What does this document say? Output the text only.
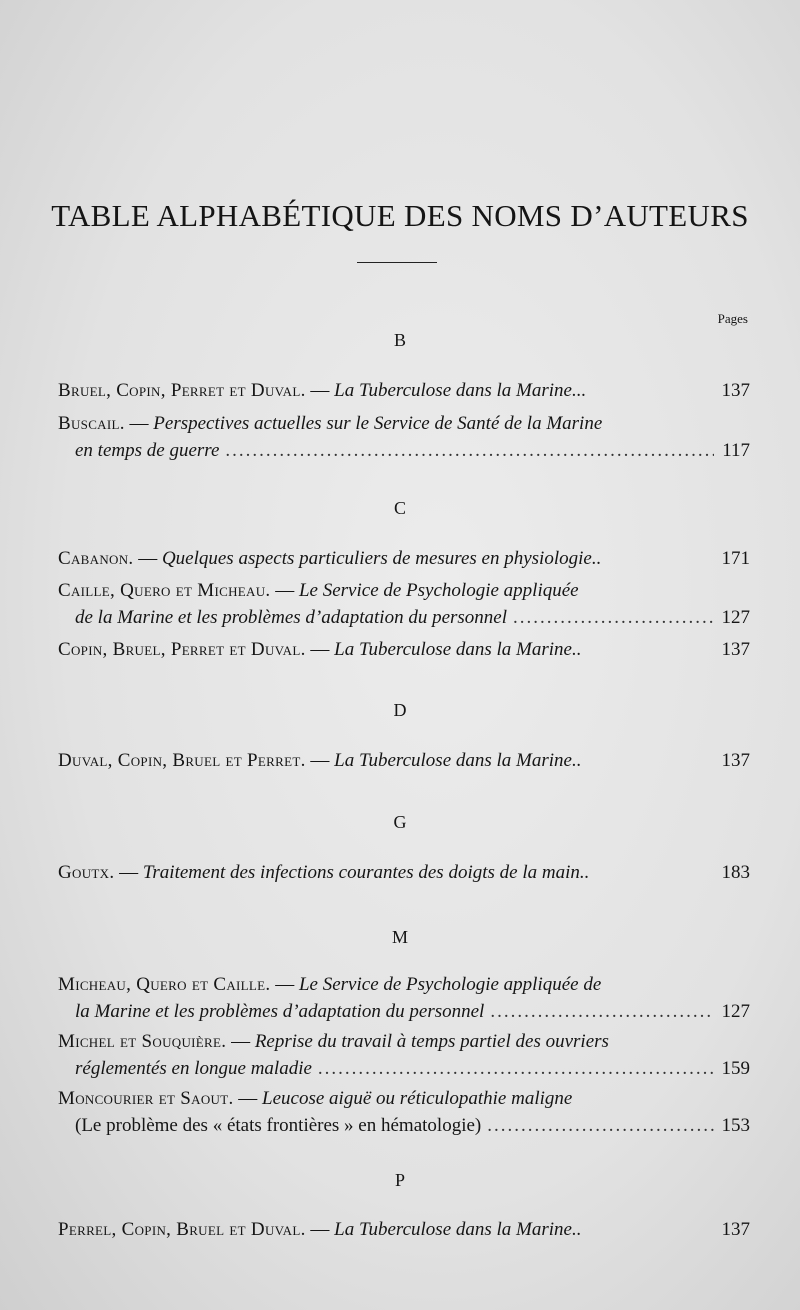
TABLE ALPHABÉTIQUE DES NOMS D’AUTEURS
Pages
B
Bruel, Copin, Perret et Duval.
—
La Tuberculose dans la Marine...	137
Buscail.
—
Perspectives actuelles sur le Service de Santé de la Marine
en temps de guerre .....	117
C
Cabanon.
—
Quelques aspects particuliers de mesures en physiologie..	171
Caille, Quero et Micheau.
—
Le Service de Psychologie appliquée
de la Marine et les problèmes d’adaptation du personnel .....	127
Copin, Bruel, Perret et Duval.
—
La Tuberculose dans la Marine..	137
D
Duval, Copin, Bruel et Perret.
—
La Tuberculose dans la Marine..	137
G
Goutx.
—
Traitement des infections courantes des doigts de la main..	183
M
Micheau, Quero et Caille.
—
Le Service de Psychologie appliquée de
la Marine et les problèmes d’adaptation du personnel .....	127
Michel et Souquière.
—
Reprise du travail à temps partiel des ouvriers
réglementés en longue maladie .....	159
Moncourier et Saout.
—
Leucose aiguë ou réticulopathie maligne
(Le problème des « états frontières » en hématologie) .....	153
P
Perrel, Copin, Bruel et Duval.
—
La Tuberculose dans la Marine..	137
